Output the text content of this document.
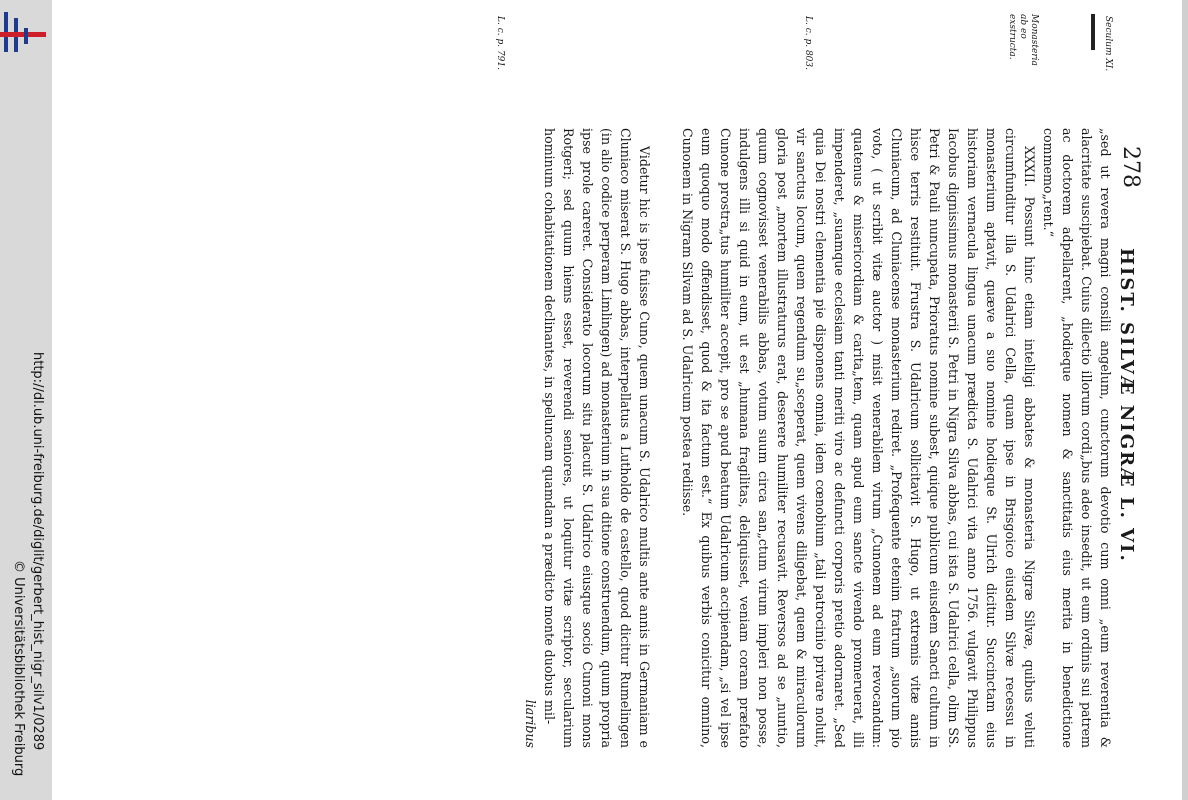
http://dl.ub.uni-freiburg.de/diglit/gerbert_hist_nigr_silv1/0289
© Universitätsbibliothek Freiburg
278
HIST. SILVÆ NIGRÆ L. VI.
Seculum XI.
Monasteria ab eo exstructa.
L. c. p. 803.
L. c. p. 791.

„sed ut revera magni consilii angelum, cunctorum devotio cum omni „eum reverentia & alacritate suscipiebat. Cuius dilectio illorum cordi„bus adeo insedit, ut eum ordinis sui patrem ac doctorem adpellarent, „hodieque nomen & sanctitatis eius merita in benedictione commemo„rent.“

XXXII. Possunt hinc etiam intelligi abbates & monasteria Nigræ Silvæ, quibus veluti circumfunditur illa S. Udalrici Cella, quam ipse in Brisgoico eiusdem Silvæ recessu in monasterium aptavit, quæve a suo nomine hodieque St. Ulrich dicitur. Succinctam eius historiam vernacula lingua unacum prædicta S. Udalrici vita anno 1756. vulgavit Philippus Iacobus dignissimus monasterii S. Petri in Nigra Silva abbas, cui ista S. Udalrici cella, olim SS. Petri & Pauli nuncupata, Prioratus nomine subest, quique publicum eiusdem Sancti cultum in hisce terris restituit. Frustra S. Udalricum sollicitavit S. Hugo, ut extremis vitæ annis Cluniacum, ad Cluniacense monasterium rediret. „Profequente etenim fratrum „suorum pio voto, ( ut scribit vitæ auctor ) misit venerabilem virum „Cunonem ad eum revocandum: quatenus & misericordiam & carita„tem, quam apud eum sancte vivendo promeruerat, illi impenderet, „suamque ecclesiam tanti meriti viro ac defuncti corporis pretio adornaret. „Sed quia Dei nostri clementia pie disponens omnia, idem cœnobium „tali patrocinio privare noluit, vir sanctus locum, quem regendum su„sceperat, quem vivens diligebat, quem & miraculorum gloria post „mortem illustraturus erat, deserere humiliter recusavit. Reversos ad se „nuntio, quum cognovisset venerabilis abbas, votum suum circa san„ctum virum impleri non posse, indulgens illi si quid in eum, ut est „humana fragilitas, deliquisset, veniam coram præfato Cunone prostra„tus humiliter accepit, pro se apud beatum Udalricum accipiendam, „si vel ipse eum quoquo modo offendisset, quod & ita factum est.“ Ex quibus verbis conicitur omnino, Cunonem in Nigram Silvam ad S. Udalricum postea rediisse.

Videtur hic is ipse fuisse Cuno, quem unacum S. Udalrico multis ante annis in Germaniam e Cluniaco miserat S. Hugo abbas, interpellatus a Lutholdo de castello, quod dicitur Rumelingen (in alio codice perperam Limlingen) ad monasterium in sua ditione construendum, quum propria ipse prole careret. Considerato locorum situ placuit S. Udalrico eiusque socio Cunoni mons Rotgeri; sed quum hiems esset, reverendi seniores, ut loquitur vitæ scriptor, secularium hominum cohabitationem declinantes, in speluncam quamdam a prædicto monte duobus mil-

liaribus
